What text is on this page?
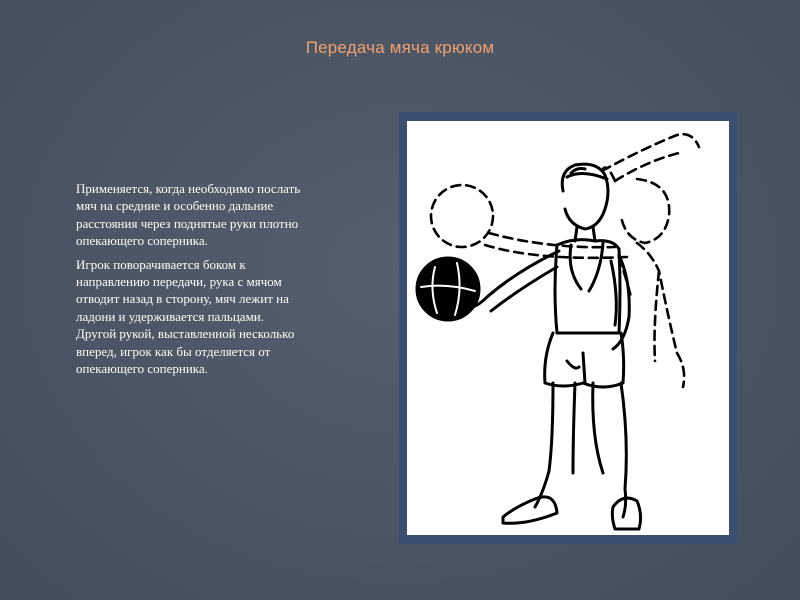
Передача мяча крюком

Применяется, когда необходимо послать мяч на средние и особенно дальние расстояния через поднятые руки плотно опекающего соперника.

Игрок поворачивается боком к направлению передачи, рука с мячом отводит назад в сторону, мяч лежит на ладони и удерживается пальцами. Другой рукой, выставленной несколько вперед, игрок как бы отделяется от опекающего соперника.
